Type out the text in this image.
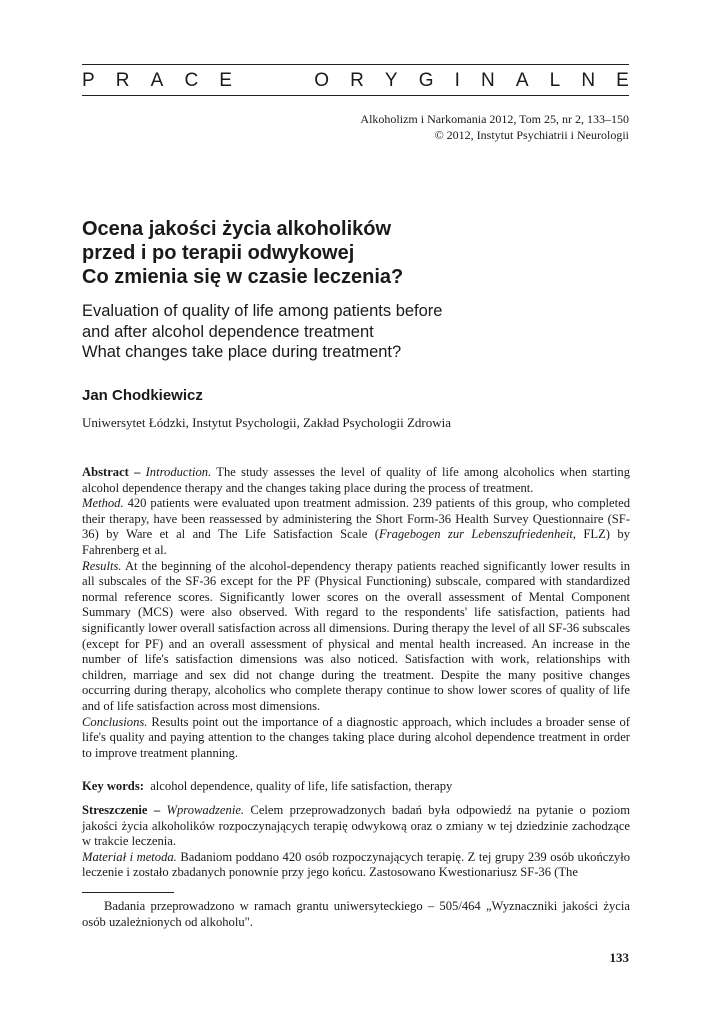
P R A C E	O R Y G I N A L N E
Alkoholizm i Narkomania 2012, Tom 25, nr 2, 133–150
© 2012, Instytut Psychiatrii i Neurologii
Ocena jakości życia alkoholików
przed i po terapii odwykowej
Co zmienia się w czasie leczenia?
Evaluation of quality of life among patients before
and after alcohol dependence treatment
What changes take place during treatment?
Jan Chodkiewicz
Uniwersytet Łódzki, Instytut Psychologii, Zakład Psychologii Zdrowia

Abstract – Introduction. The study assesses the level of quality of life among alcoholics when starting alcohol dependence therapy and the changes taking place during the process of treatment.

Method. 420 patients were evaluated upon treatment admission. 239 patients of this group, who completed their therapy, have been reassessed by administering the Short Form-36 Health Survey Questionnaire (SF-36) by Ware et al and The Life Satisfaction Scale (Fragebogen zur Lebenszufriedenheit, FLZ) by Fahrenberg et al.

Results. At the beginning of the alcohol-dependency therapy patients reached significantly lower results in all subscales of the SF-36 except for the PF (Physical Functioning) subscale, compared with standardized normal reference scores. Significantly lower scores on the overall assessment of Mental Component Summary (MCS) were also observed. With regard to the respondents' life satisfaction, patients had significantly lower overall satisfaction across all dimensions. During therapy the level of all SF-36 subscales (except for PF) and an overall assessment of physical and mental health increased. An increase in the number of life's satisfaction dimensions was also noticed. Satisfaction with work, relationships with children, marriage and sex did not change during the treatment. Despite the many positive changes occurring during therapy, alcoholics who complete therapy continue to show lower scores of quality of life and of life satisfaction across most dimensions.

Conclusions. Results point out the importance of a diagnostic approach, which includes a broader sense of life's quality and paying attention to the changes taking place during alcohol dependence treatment in order to improve treatment planning.

Key words: alcohol dependence, quality of life, life satisfaction, therapy

Streszczenie – Wprowadzenie. Celem przeprowadzonych badań była odpowiedź na pytanie o poziom jakości życia alkoholików rozpoczynających terapię odwykową oraz o zmiany w tej dziedzinie zachodzące w trakcie leczenia.

Materiał i metoda. Badaniom poddano 420 osób rozpoczynających terapię. Z tej grupy 239 osób ukończyło leczenie i zostało zbadanych ponownie przy jego końcu. Zastosowano Kwestionariusz SF-36 (The

Badania przeprowadzono w ramach grantu uniwersyteckiego – 505/464 „Wyznaczniki jakości życia osób uzależnionych od alkoholu".

133
